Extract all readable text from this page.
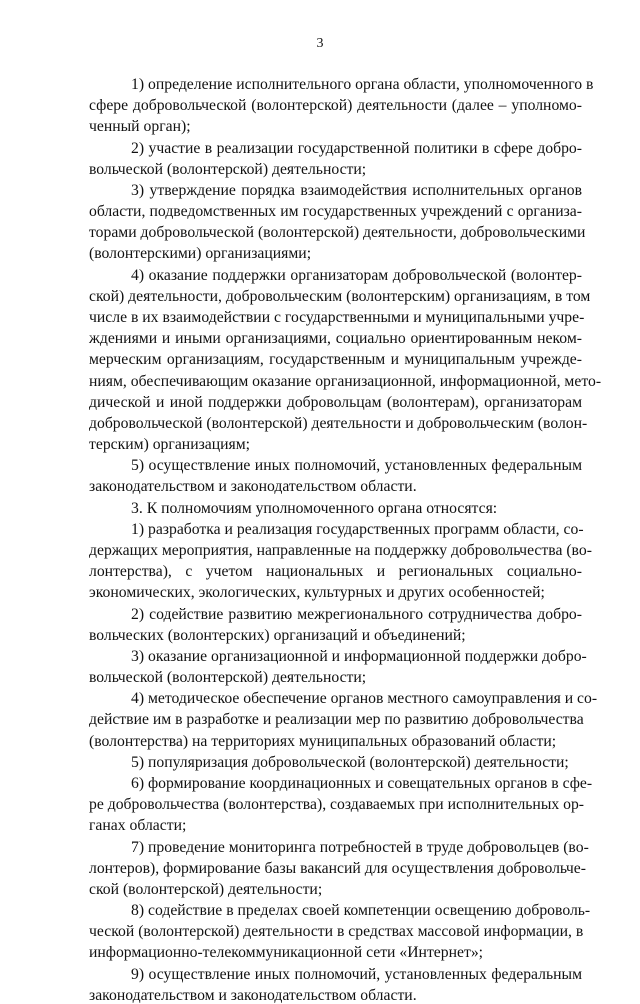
3
1) определение исполнительного органа области, уполномоченного в
сфере добровольческой (волонтерской) деятельности (далее – уполномо-
ченный орган);
2) участие в реализации государственной политики в сфере добро-
вольческой (волонтерской) деятельности;
3) утверждение порядка взаимодействия исполнительных органов
области, подведомственных им государственных учреждений с организа-
торами добровольческой (волонтерской) деятельности, добровольческими
(волонтерскими) организациями;
4) оказание поддержки организаторам добровольческой (волонтер-
ской) деятельности, добровольческим (волонтерским) организациям, в том
числе в их взаимодействии с государственными и муниципальными учре-
ждениями и иными организациями, социально ориентированным неком-
мерческим организациям, государственным и муниципальным учрежде-
ниям, обеспечивающим оказание организационной, информационной, мето-
дической и иной поддержки добровольцам (волонтерам), организаторам
добровольческой (волонтерской) деятельности и добровольческим (волон-
терским) организациям;
5) осуществление иных полномочий, установленных федеральным
законодательством и законодательством области.
3. К полномочиям уполномоченного органа относятся:
1) разработка и реализация государственных программ области, со-
держащих мероприятия, направленные на поддержку добровольчества (во-
лонтерства), с учетом национальных и региональных социально-
экономических, экологических, культурных и других особенностей;
2) содействие развитию межрегионального сотрудничества добро-
вольческих (волонтерских) организаций и объединений;
3) оказание организационной и информационной поддержки добро-
вольческой (волонтерской) деятельности;
4) методическое обеспечение органов местного самоуправления и со-
действие им в разработке и реализации мер по развитию добровольчества
(волонтерства) на территориях муниципальных образований области;
5) популяризация добровольческой (волонтерской) деятельности;
6) формирование координационных и совещательных органов в сфе-
ре добровольчества (волонтерства), создаваемых при исполнительных ор-
ганах области;
7) проведение мониторинга потребностей в труде добровольцев (во-
лонтеров), формирование базы вакансий для осуществления добровольче-
ской (волонтерской) деятельности;
8) содействие в пределах своей компетенции освещению доброволь-
ческой (волонтерской) деятельности в средствах массовой информации, в
информационно-телекоммуникационной сети «Интернет»;
9) осуществление иных полномочий, установленных федеральным
законодательством и законодательством области.
